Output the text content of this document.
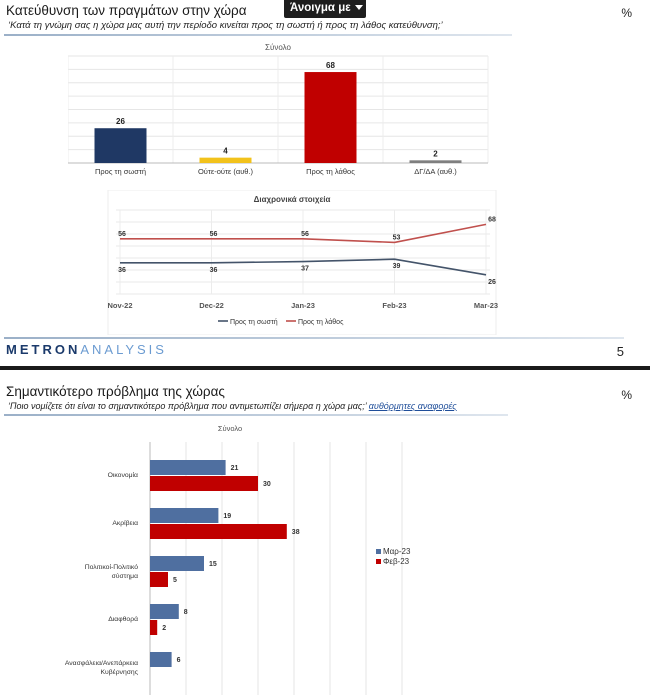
Κατεύθυνση των πραγμάτων στην χώρα	Άνοιγμα με	%
‘Κατά τη γνώμη σας η χώρα μας αυτή την περίοδο κινείται προς τη σωστή ή προς τη λάθος κατεύθυνση;’
Σύνολο
26
Προς τη σωστή
4
Ούτε-ούτε (αυθ.)
68
Προς τη λάθος
2
ΔΓ/ΔΑ (αυθ.)
Διαχρονικά στοιχεία
Nov-22	Dec-22	Jan-23	Feb-23	Mar-23
36	36	37	39
26
56	56	56
53
68
Προς τη σωστή	Προς τη λάθος
METRONANALYSIS	5
Σημαντικότερο πρόβλημα της χώρας	%
‘Ποιο νομίζετε ότι είναι το σημαντικότερο πρόβλημα που αντιμετωπίζει σήμερα η χώρα μας;’ αυθόρμητες αναφορές
Σύνολο
Οικονομία
21
30
Ακρίβεια
19
38
Πολιτικοί-Πολιτικό
σύστημα
15
5
Διαφθορά
8
2
Ανασφάλεια/Ανεπάρκεια
Κυβέρνησης
6
Μαρ-23
Φεβ-23
